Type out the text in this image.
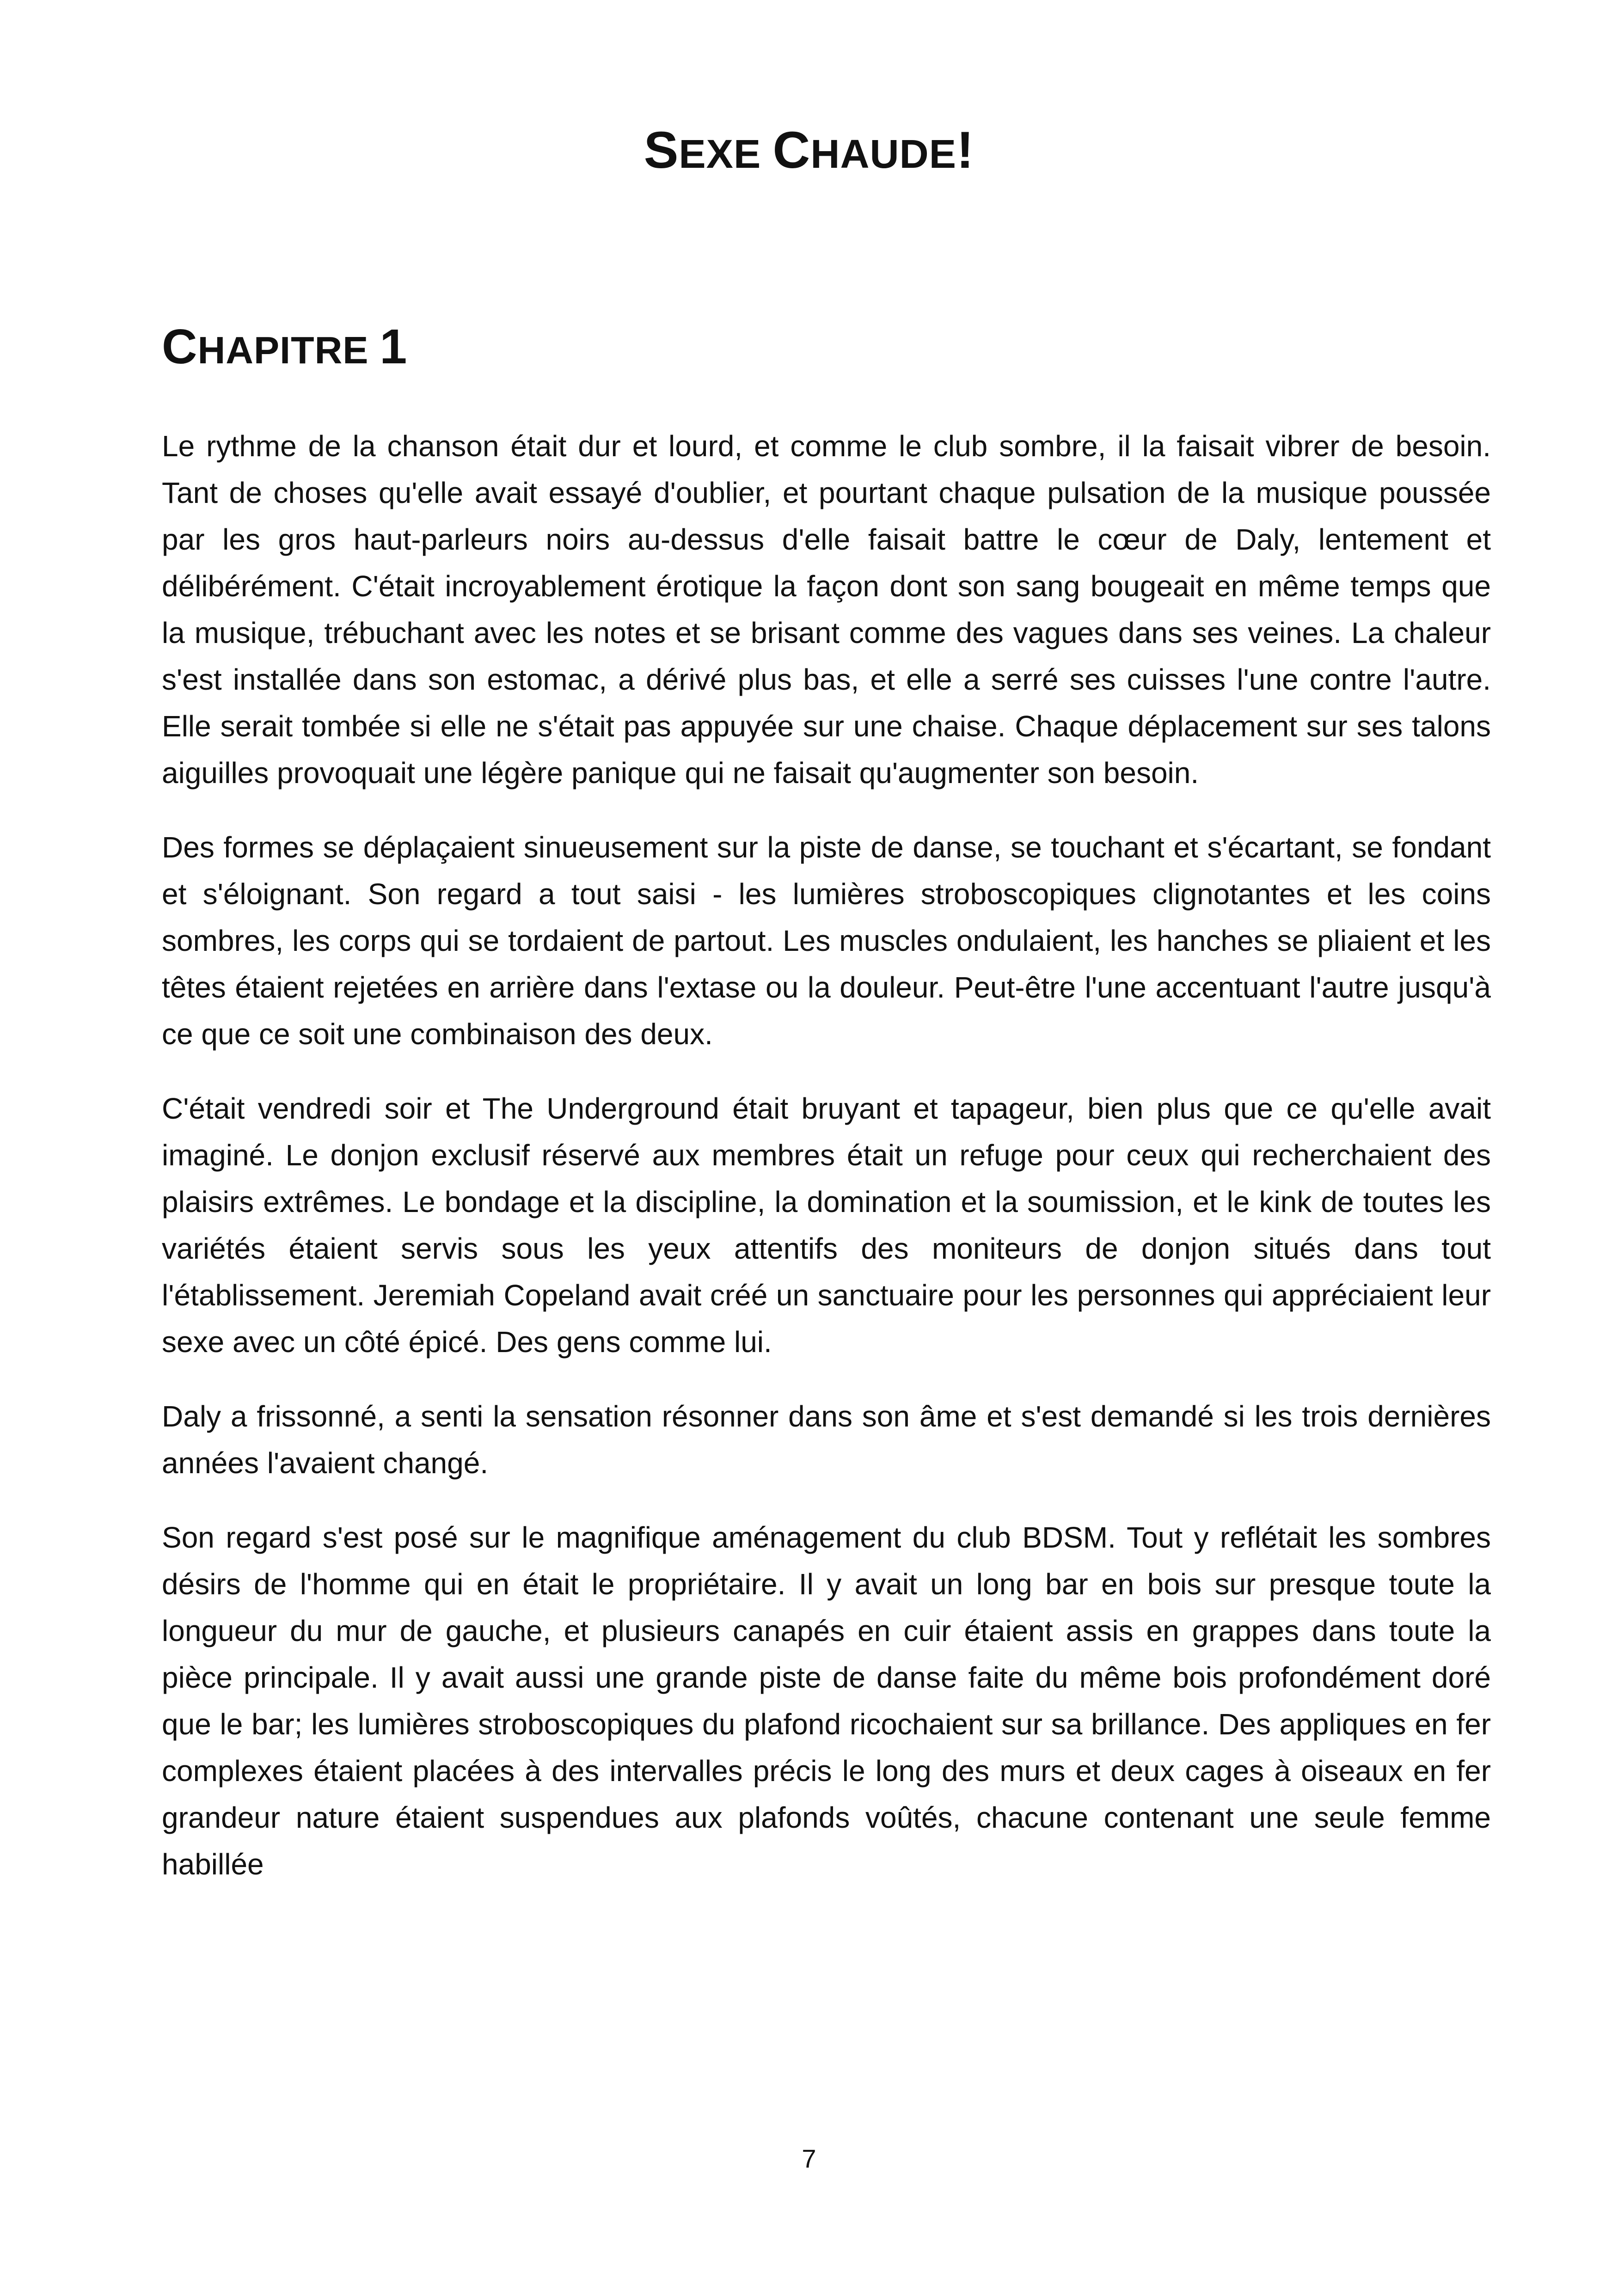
SEXE CHAUDE!
CHAPITRE 1

Le rythme de la chanson était dur et lourd, et comme le club sombre, il la faisait vibrer de besoin. Tant de choses qu'elle avait essayé d'oublier, et pourtant chaque pulsation de la musique poussée par les gros haut-parleurs noirs au-dessus d'elle faisait battre le cœur de Daly, lentement et délibérément. C'était incroyablement érotique la façon dont son sang bougeait en même temps que la musique, trébuchant avec les notes et se brisant comme des vagues dans ses veines. La chaleur s'est installée dans son estomac, a dérivé plus bas, et elle a serré ses cuisses l'une contre l'autre. Elle serait tombée si elle ne s'était pas appuyée sur une chaise. Chaque déplacement sur ses talons aiguilles provoquait une légère panique qui ne faisait qu'augmenter son besoin.

Des formes se déplaçaient sinueusement sur la piste de danse, se touchant et s'écartant, se fondant et s'éloignant. Son regard a tout saisi - les lumières stroboscopiques clignotantes et les coins sombres, les corps qui se tordaient de partout. Les muscles ondulaient, les hanches se pliaient et les têtes étaient rejetées en arrière dans l'extase ou la douleur. Peut-être l'une accentuant l'autre jusqu'à ce que ce soit une combinaison des deux.

C'était vendredi soir et The Underground était bruyant et tapageur, bien plus que ce qu'elle avait imaginé. Le donjon exclusif réservé aux membres était un refuge pour ceux qui recherchaient des plaisirs extrêmes. Le bondage et la discipline, la domination et la soumission, et le kink de toutes les variétés étaient servis sous les yeux attentifs des moniteurs de donjon situés dans tout l'établissement. Jeremiah Copeland avait créé un sanctuaire pour les personnes qui appréciaient leur sexe avec un côté épicé. Des gens comme lui.

Daly a frissonné, a senti la sensation résonner dans son âme et s'est demandé si les trois dernières années l'avaient changé.

Son regard s'est posé sur le magnifique aménagement du club BDSM. Tout y reflétait les sombres désirs de l'homme qui en était le propriétaire. Il y avait un long bar en bois sur presque toute la longueur du mur de gauche, et plusieurs canapés en cuir étaient assis en grappes dans toute la pièce principale. Il y avait aussi une grande piste de danse faite du même bois profondément doré que le bar; les lumières stroboscopiques du plafond ricochaient sur sa brillance. Des appliques en fer complexes étaient placées à des intervalles précis le long des murs et deux cages à oiseaux en fer grandeur nature étaient suspendues aux plafonds voûtés, chacune contenant une seule femme habillée

7
